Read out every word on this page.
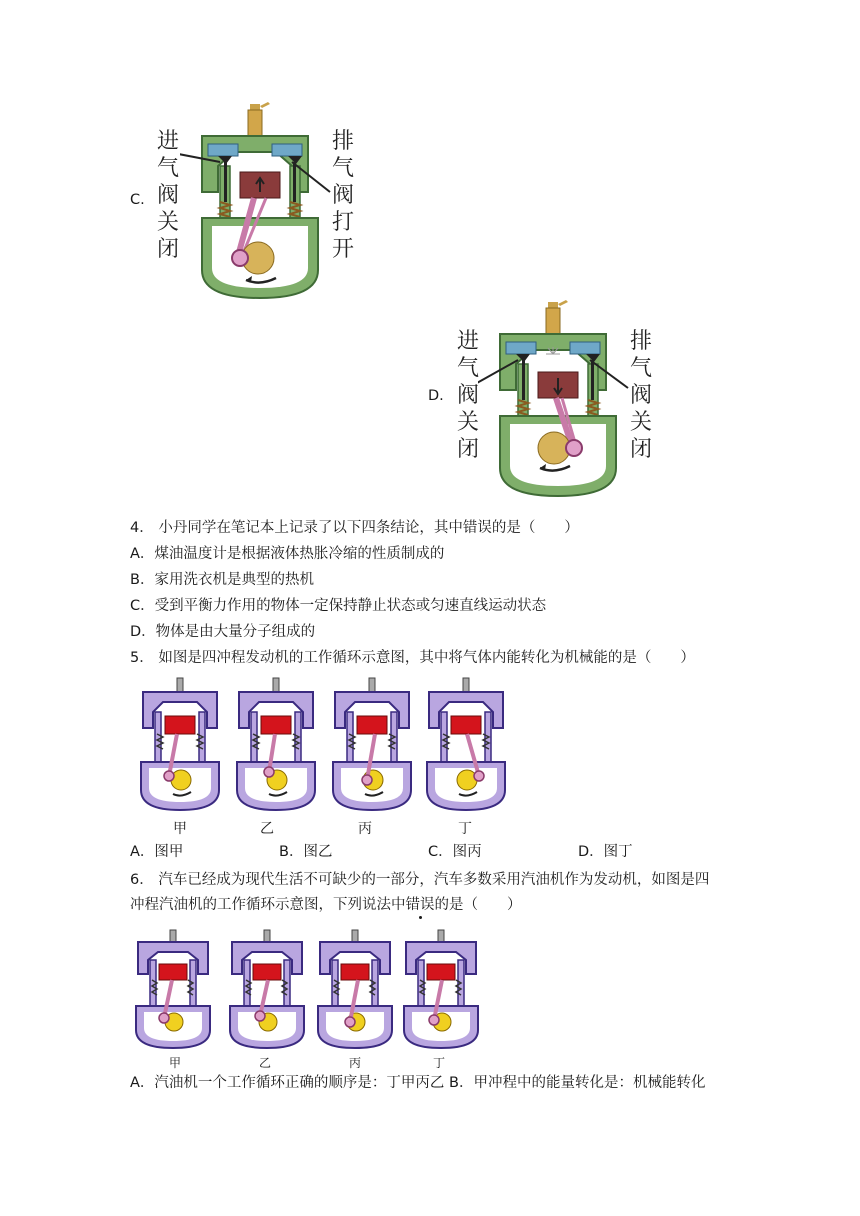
C.
进
气
阀
关
闭
排
气
阀
打
开
D.
进
气
阀
关
闭
排
气
阀
关
闭
4． 小丹同学在笔记本上记录了以下四条结论，其中错误的是（　　）
A．煤油温度计是根据液体热胀冷缩的性质制成的
B．家用洗衣机是典型的热机
C．受到平衡力作用的物体一定保持静止状态或匀速直线运动状态
D．物体是由大量分子组成的
5． 如图是四冲程发动机的工作循环示意图，其中将气体内能转化为机械能的是（　　）
甲	乙	丙	丁
A．图甲	B．图乙	C．图丙	D．图丁
6． 汽车已经成为现代生活不可缺少的一部分，汽车多数采用汽油机作为发动机，如图是四
冲程汽油机的工作循环示意图，下列说法中错误的是（　　）
甲	乙	丙	丁
A．汽油机一个工作循环正确的顺序是：丁甲丙乙 B．甲冲程中的能量转化是：机械能转化
